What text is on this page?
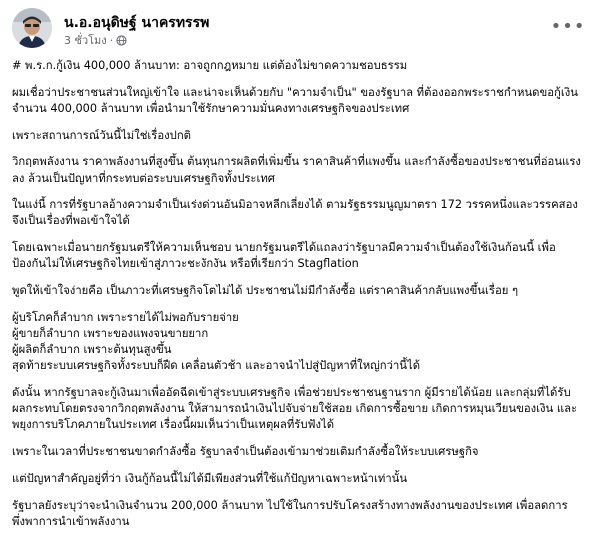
น.อ.อนุดิษฐ์ นาครทรรพ
3 ชั่วโมง ·
•••

# พ.ร.ก.กู้เงิน 400,000 ล้านบาท: อาจถูกกฎหมาย แต่ต้องไม่ขาดความชอบธรรม

ผมเชื่อว่าประชาชนส่วนใหญ่เข้าใจ และน่าจะเห็นด้วยกับ "ความจำเป็น" ของรัฐบาล ที่ต้องออกพระราชกำหนดขอกู้เงินจำนวน 400,000 ล้านบาท เพื่อนำมาใช้รักษาความมั่นคงทางเศรษฐกิจของประเทศ

เพราะสถานการณ์วันนี้ไม่ใช่เรื่องปกติ

วิกฤตพลังงาน ราคาพลังงานที่สูงขึ้น ต้นทุนการผลิตที่เพิ่มขึ้น ราคาสินค้าที่แพงขึ้น และกำลังซื้อของประชาชนที่อ่อนแรงลง ล้วนเป็นปัญหาที่กระทบต่อระบบเศรษฐกิจทั้งประเทศ

ในแง่นี้ การที่รัฐบาลอ้างความจำเป็นเร่งด่วนอันมิอาจหลีกเลี่ยงได้ ตามรัฐธรรมนูญมาตรา 172 วรรคหนึ่งและวรรคสอง จึงเป็นเรื่องที่พอเข้าใจได้

โดยเฉพาะเมื่อนายกรัฐมนตรีให้ความเห็นชอบ นายกรัฐมนตรีได้แถลงว่ารัฐบาลมีความจำเป็นต้องใช้เงินก้อนนี้ เพื่อป้องกันไม่ให้เศรษฐกิจไทยเข้าสู่ภาวะชะงักงัน หรือที่เรียกว่า Stagflation

พูดให้เข้าใจง่ายคือ เป็นภาวะที่เศรษฐกิจโตไม่ได้ ประชาชนไม่มีกำลังซื้อ แต่ราคาสินค้ากลับแพงขึ้นเรื่อย ๆ

ผู้บริโภคก็ลำบาก เพราะรายได้ไม่พอกับรายจ่าย
ผู้ขายก็ลำบาก เพราะของแพงจนขายยาก
ผู้ผลิตก็ลำบาก เพราะต้นทุนสูงขึ้น
สุดท้ายระบบเศรษฐกิจทั้งระบบก็ฝืด เคลื่อนตัวช้า และอาจนำไปสู่ปัญหาที่ใหญ่กว่านี้ได้

ดังนั้น หากรัฐบาลจะกู้เงินมาเพื่ออัดฉีดเข้าสู่ระบบเศรษฐกิจ เพื่อช่วยประชาชนฐานราก ผู้มีรายได้น้อย และกลุ่มที่ได้รับผลกระทบโดยตรงจากวิกฤตพลังงาน ให้สามารถนำเงินไปจับจ่ายใช้สอย เกิดการซื้อขาย เกิดการหมุนเวียนของเงิน และพยุงการบริโภคภายในประเทศ เรื่องนี้ผมเห็นว่าเป็นเหตุผลที่รับฟังได้

เพราะในเวลาที่ประชาชนขาดกำลังซื้อ รัฐบาลจำเป็นต้องเข้ามาช่วยเติมกำลังซื้อให้ระบบเศรษฐกิจ

แต่ปัญหาสำคัญอยู่ที่ว่า เงินกู้ก้อนนี้ไม่ได้มีเพียงส่วนที่ใช้แก้ปัญหาเฉพาะหน้าเท่านั้น

รัฐบาลยังระบุว่าจะนำเงินจำนวน 200,000 ล้านบาท ไปใช้ในการปรับโครงสร้างทางพลังงานของประเทศ เพื่อลดการพึ่งพาการนำเข้าพลังงาน
